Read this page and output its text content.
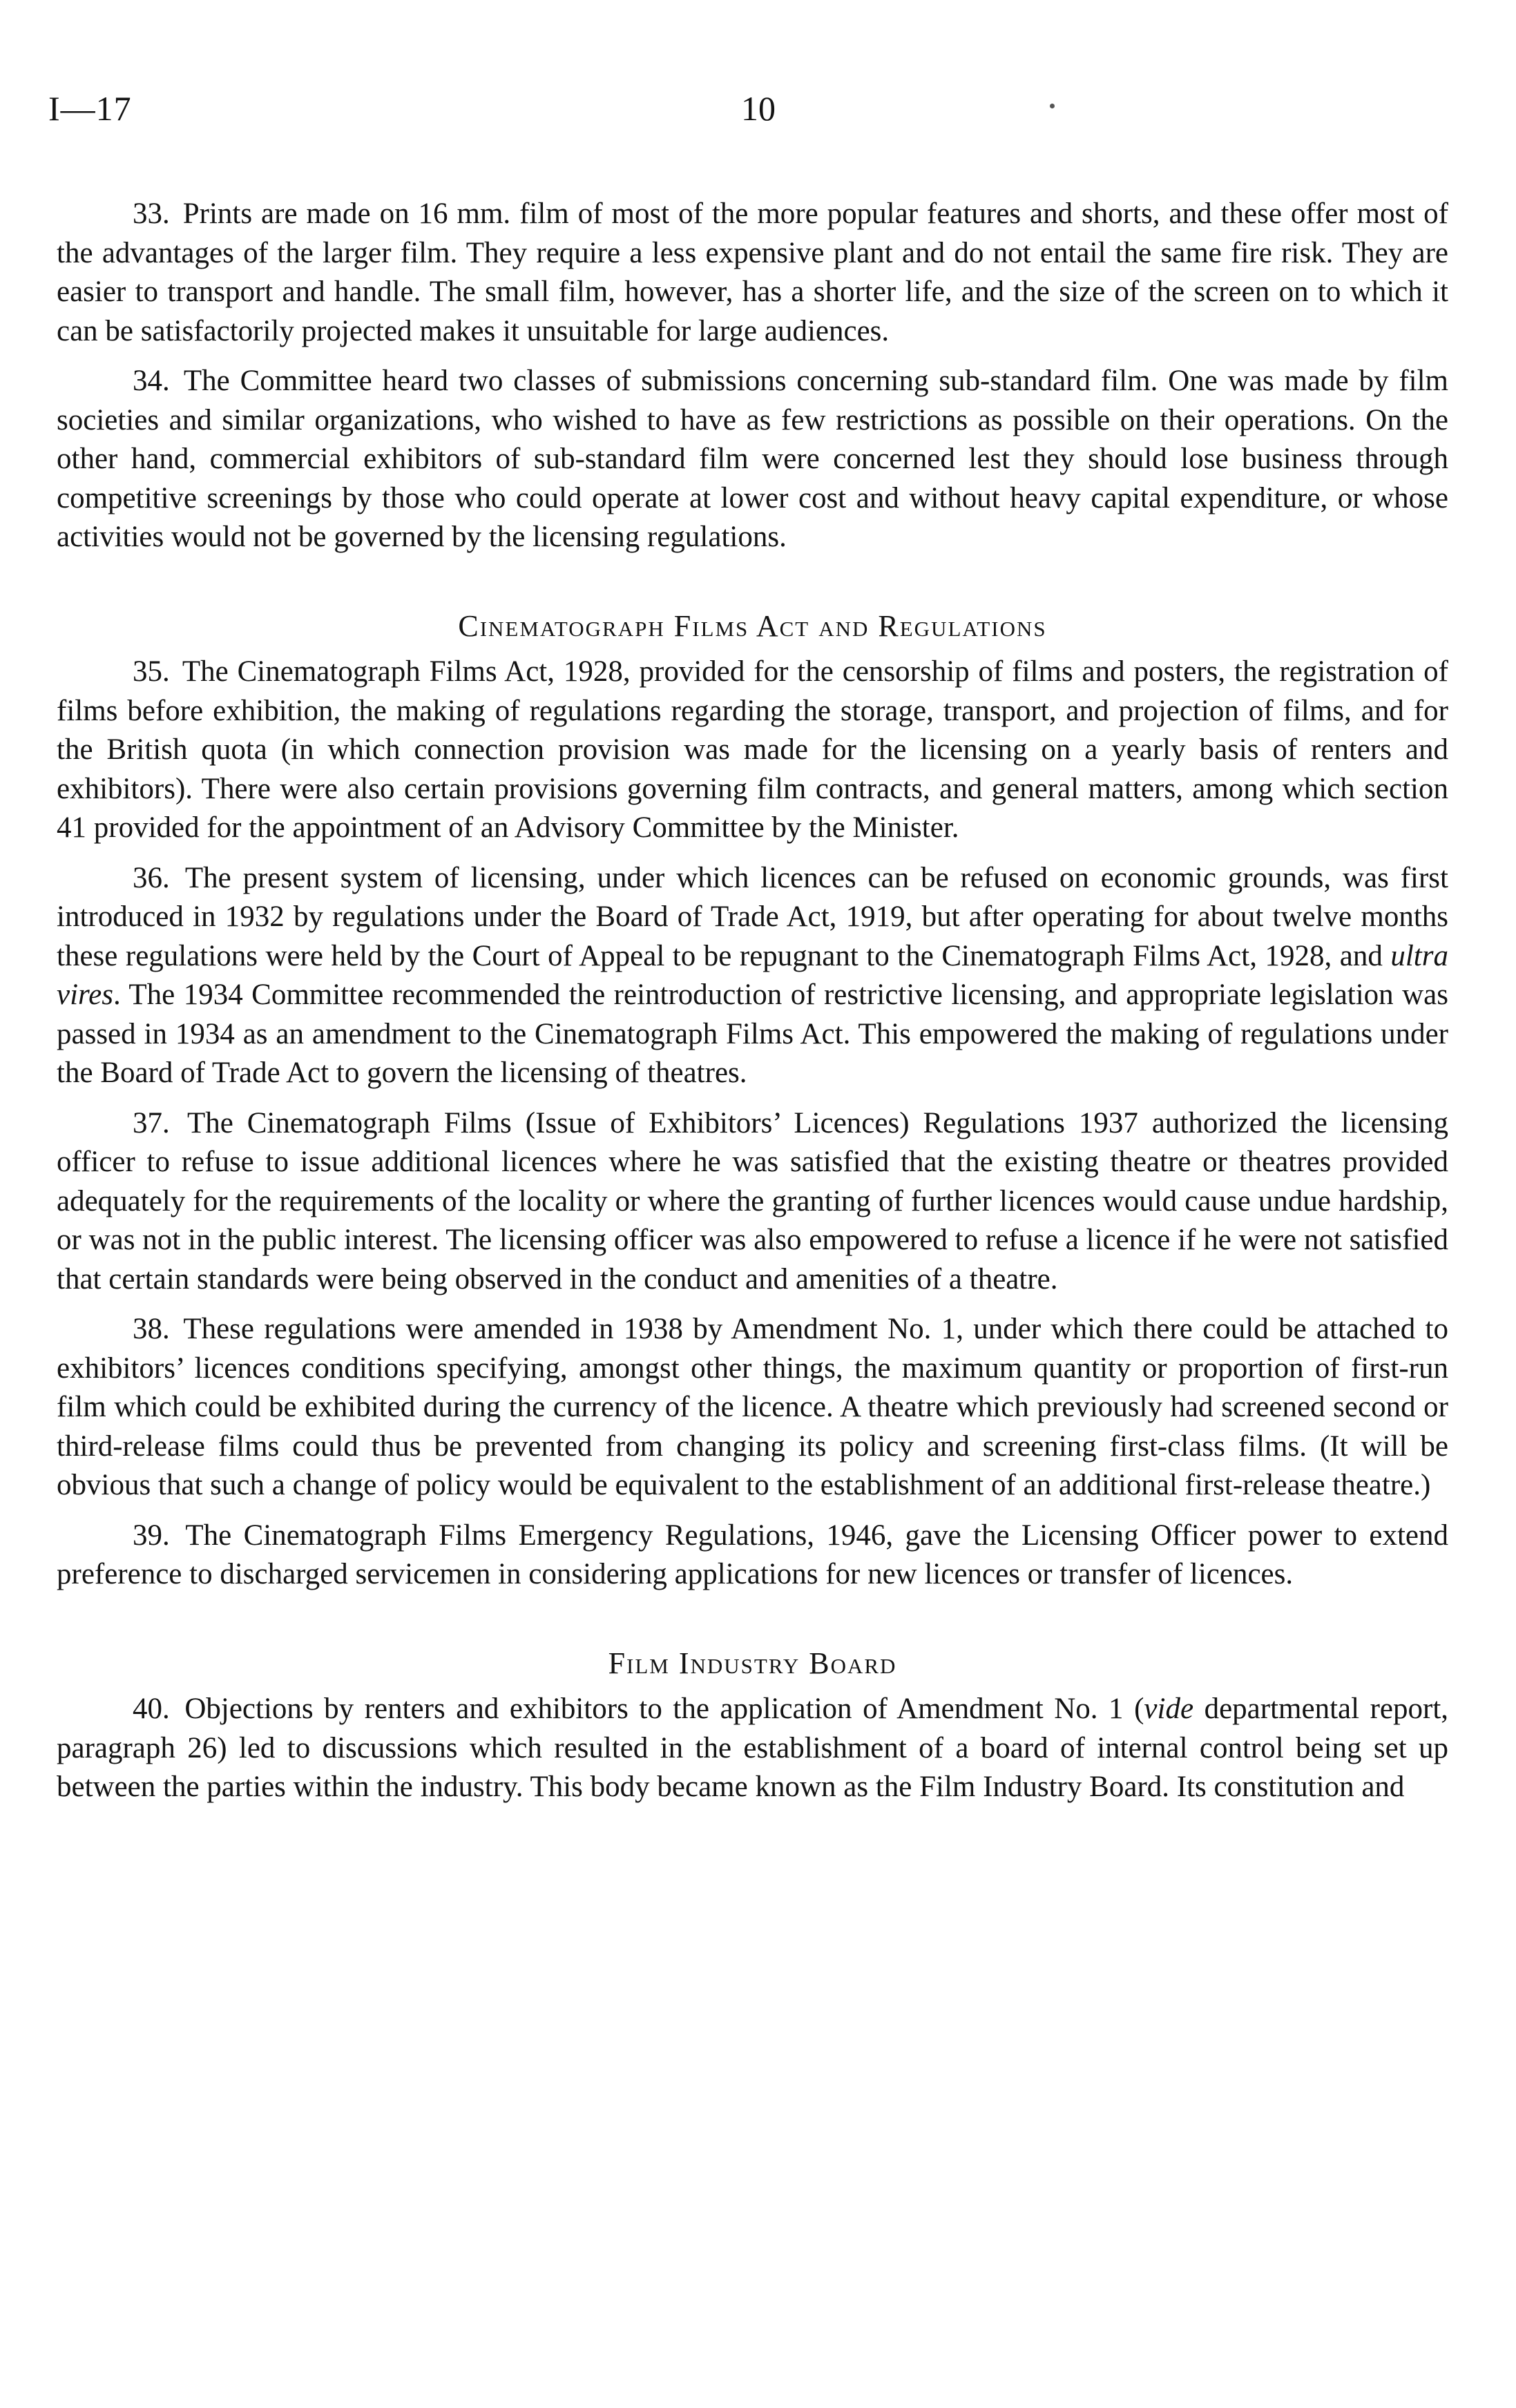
I—17	10

33. Prints are made on 16 mm. film of most of the more popular features and shorts, and these offer most of the advantages of the larger film. They require a less expensive plant and do not entail the same fire risk. They are easier to transport and handle. The small film, however, has a shorter life, and the size of the screen on to which it can be satisfactorily projected makes it unsuitable for large audiences.

34. The Committee heard two classes of submissions concerning sub-standard film. One was made by film societies and similar organizations, who wished to have as few restrictions as possible on their operations. On the other hand, commercial exhibitors of sub-standard film were concerned lest they should lose business through competitive screenings by those who could operate at lower cost and without heavy capital expenditure, or whose activities would not be governed by the licensing regulations.

Cinematograph Films Act and Regulations

35. The Cinematograph Films Act, 1928, provided for the censorship of films and posters, the registration of films before exhibition, the making of regulations regarding the storage, transport, and projection of films, and for the British quota (in which connection provision was made for the licensing on a yearly basis of renters and exhibitors). There were also certain provisions governing film contracts, and general matters, among which section 41 provided for the appointment of an Advisory Committee by the Minister.

36. The present system of licensing, under which licences can be refused on economic grounds, was first introduced in 1932 by regulations under the Board of Trade Act, 1919, but after operating for about twelve months these regulations were held by the Court of Appeal to be repugnant to the Cinematograph Films Act, 1928, and ultra vires. The 1934 Committee recommended the reintroduction of restrictive licensing, and appropriate legislation was passed in 1934 as an amendment to the Cinematograph Films Act. This empowered the making of regulations under the Board of Trade Act to govern the licensing of theatres.

37. The Cinematograph Films (Issue of Exhibitors’ Licences) Regulations 1937 authorized the licensing officer to refuse to issue additional licences where he was satisfied that the existing theatre or theatres provided adequately for the requirements of the locality or where the granting of further licences would cause undue hardship, or was not in the public interest. The licensing officer was also empowered to refuse a licence if he were not satisfied that certain standards were being observed in the conduct and amenities of a theatre.

38. These regulations were amended in 1938 by Amendment No. 1, under which there could be attached to exhibitors’ licences conditions specifying, amongst other things, the maximum quantity or proportion of first-run film which could be exhibited during the currency of the licence. A theatre which previously had screened second or third-release films could thus be prevented from changing its policy and screening first-class films. (It will be obvious that such a change of policy would be equivalent to the establishment of an additional first-release theatre.)

39. The Cinematograph Films Emergency Regulations, 1946, gave the Licensing Officer power to extend preference to discharged servicemen in considering applications for new licences or transfer of licences.

Film Industry Board

40. Objections by renters and exhibitors to the application of Amendment No. 1 (vide departmental report, paragraph 26) led to discussions which resulted in the establishment of a board of internal control being set up between the parties within the industry. This body became known as the Film Industry Board. Its constitution and
